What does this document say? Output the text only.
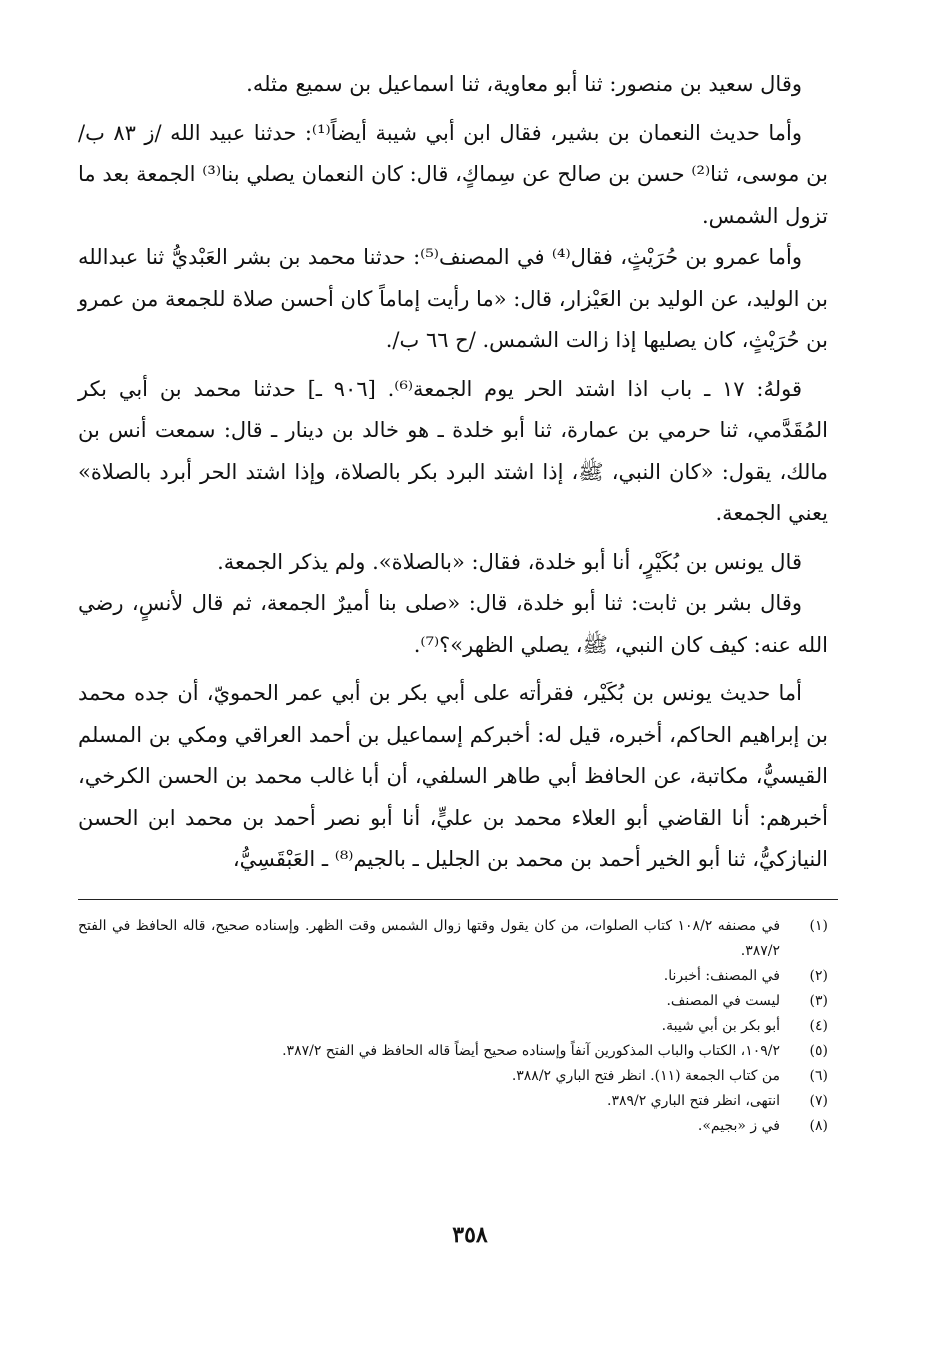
وقال سعيد بن منصور: ثنا أبو معاوية، ثنا اسماعيل بن سميع مثله.

وأما حديث النعمان بن بشير، فقال ابن أبي شيبة أيضاً⁽¹⁾: حدثنا عبيد الله /ز ٨٣ ب/ بن موسى، ثنا⁽²⁾ حسن بن صالح عن سِماكٍ، قال: كان النعمان يصلي بنا⁽³⁾ الجمعة بعد ما تزول الشمس.

وأما عمرو بن حُرَيْثٍ، فقال⁽⁴⁾ في المصنف⁽⁵⁾: حدثنا محمد بن بشر العَبْديُّ ثنا عبدالله بن الوليد، عن الوليد بن العَيْزار، قال: «ما رأيت إماماً كان أحسن صلاة للجمعة من عمرو بن حُرَيْثٍ، كان يصليها إذا زالت الشمس. /ح ٦٦ ب/.

قولهُ: ١٧ ـ باب اذا اشتد الحر يوم الجمعة⁽⁶⁾. [٩٠٦ ـ] حدثنا محمد بن أبي بكر المُقَدَّمي، ثنا حرمي بن عمارة، ثنا أبو خلدة ـ هو خالد بن دينار ـ قال: سمعت أنس بن مالك، يقول: «كان النبي، ﷺ، إذا اشتد البرد بكر بالصلاة، وإذا اشتد الحر أبرد بالصلاة» يعني الجمعة.

قال يونس بن بُكَيْرٍ، أنا أبو خلدة، فقال: «بالصلاة». ولم يذكر الجمعة.

وقال بشر بن ثابت: ثنا أبو خلدة، قال: «صلى بنا أميرٌ الجمعة، ثم قال لأنسٍ، رضي الله عنه: كيف كان النبي، ﷺ، يصلي الظهر»؟⁽⁷⁾.

أما حديث يونس بن بُكَيْر، فقرأته على أبي بكر بن أبي عمر الحمويّ، أن جده محمد بن إبراهيم الحاكم، أخبره، قيل له: أخبركم إسماعيل بن أحمد العراقي ومكي بن المسلم القيسيُّ، مكاتبة، عن الحافظ أبي طاهر السلفي، أن أبا غالب محمد بن الحسن الكرخي، أخبرهم: أنا القاضي أبو العلاء محمد بن عليٍّ، أنا أبو نصر أحمد بن محمد ابن الحسن النيازكيُّ، ثنا أبو الخير أحمد بن محمد بن الجليل ـ بالجيم⁽⁸⁾ ـ العَبْقَسِيُّ،

(١)
في مصنفه ١٠٨/٢ كتاب الصلوات، من كان يقول وقتها زوال الشمس وقت الظهر. وإسناده صحيح، قاله الحافظ في الفتح ٣٨٧/٢.
(٢)
في المصنف: أخبرنا.
(٣)
ليست في المصنف.
(٤)
أبو بكر بن أبي شيبة.
(٥)
١٠٩/٢، الكتاب والباب المذكورين آنفاً وإسناده صحيح أيضاً قاله الحافظ في الفتح ٣٨٧/٢.
(٦)
من كتاب الجمعة (١١). انظر فتح الباري ٣٨٨/٢.
(٧)
انتهى، انظر فتح الباري ٣٨٩/٢.
(٨)
في ز «بجيم».
٣٥٨
